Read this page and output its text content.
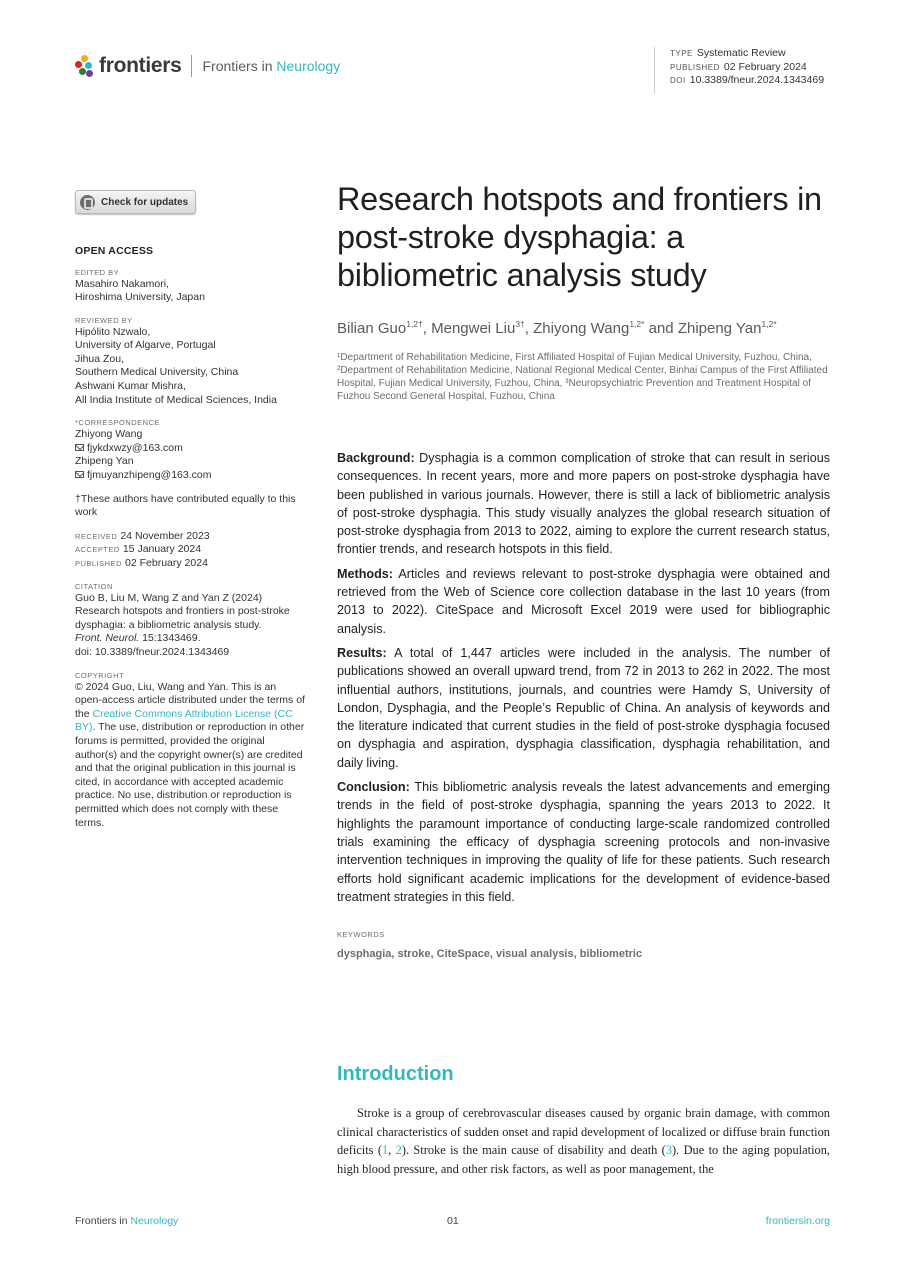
frontiers Frontiers in Neurology
TYPE Systematic Review
PUBLISHED 02 February 2024
DOI 10.3389/fneur.2024.1343469
Check for updates
OPEN ACCESS
EDITED BY
Masahiro Nakamori,
Hiroshima University, Japan
REVIEWED BY
Hipólito Nzwalo,
University of Algarve, Portugal
Jihua Zou,
Southern Medical University, China
Ashwani Kumar Mishra,
All India Institute of Medical Sciences, India
*CORRESPONDENCE
Zhiyong Wang
fjykdxwzy@163.com
Zhipeng Yan
fjmuyanzhipeng@163.com
†These authors have contributed equally to this work
RECEIVED 24 November 2023
ACCEPTED 15 January 2024
PUBLISHED 02 February 2024
CITATION
Guo B, Liu M, Wang Z and Yan Z (2024) Research hotspots and frontiers in post-stroke dysphagia: a bibliometric analysis study.
Front. Neurol. 15:1343469.
doi: 10.3389/fneur.2024.1343469
COPYRIGHT
© 2024 Guo, Liu, Wang and Yan. This is an open-access article distributed under the terms of the Creative Commons Attribution License (CC BY). The use, distribution or reproduction in other forums is permitted, provided the original author(s) and the copyright owner(s) are credited and that the original publication in this journal is cited, in accordance with accepted academic practice. No use, distribution or reproduction is permitted which does not comply with these terms.
Research hotspots and frontiers in post-stroke dysphagia: a bibliometric analysis study
Bilian Guo$^{1,2\dagger}$, Mengwei Liu$^{3\dagger}$, Zhiyong Wang$^{1,2*}$ and Zhipeng Yan$^{1,2*}$
¹Department of Rehabilitation Medicine, First Affiliated Hospital of Fujian Medical University, Fuzhou, China, ²Department of Rehabilitation Medicine, National Regional Medical Center, Binhai Campus of the First Affiliated Hospital, Fujian Medical University, Fuzhou, China, ³Neuropsychiatric Prevention and Treatment Hospital of Fuzhou Second General Hospital, Fuzhou, China

Background: Dysphagia is a common complication of stroke that can result in serious consequences. In recent years, more and more papers on post-stroke dysphagia have been published in various journals. However, there is still a lack of bibliometric analysis of post-stroke dysphagia. This study visually analyzes the global research situation of post-stroke dysphagia from 2013 to 2022, aiming to explore the current research status, frontier trends, and research hotspots in this field.

Methods: Articles and reviews relevant to post-stroke dysphagia were obtained and retrieved from the Web of Science core collection database in the last 10 years (from 2013 to 2022). CiteSpace and Microsoft Excel 2019 were used for bibliographic analysis.

Results: A total of 1,447 articles were included in the analysis. The number of publications showed an overall upward trend, from 72 in 2013 to 262 in 2022. The most influential authors, institutions, journals, and countries were Hamdy S, University of London, Dysphagia, and the People’s Republic of China. An analysis of keywords and the literature indicated that current studies in the field of post-stroke dysphagia focused on dysphagia and aspiration, dysphagia classification, dysphagia rehabilitation, and daily living.

Conclusion: This bibliometric analysis reveals the latest advancements and emerging trends in the field of post-stroke dysphagia, spanning the years 2013 to 2022. It highlights the paramount importance of conducting large-scale randomized controlled trials examining the efficacy of dysphagia screening protocols and non-invasive intervention techniques in improving the quality of life for these patients. Such research efforts hold significant academic implications for the development of evidence-based treatment strategies in this field.

KEYWORDS
dysphagia, stroke, CiteSpace, visual analysis, bibliometric
Introduction

Stroke is a group of cerebrovascular diseases caused by organic brain damage, with common clinical characteristics of sudden onset and rapid development of localized or diffuse brain function deficits (1, 2). Stroke is the main cause of disability and death (3). Due to the aging population, high blood pressure, and other risk factors, as well as poor management, the

Frontiers in Neurology	01	frontiersin.org
